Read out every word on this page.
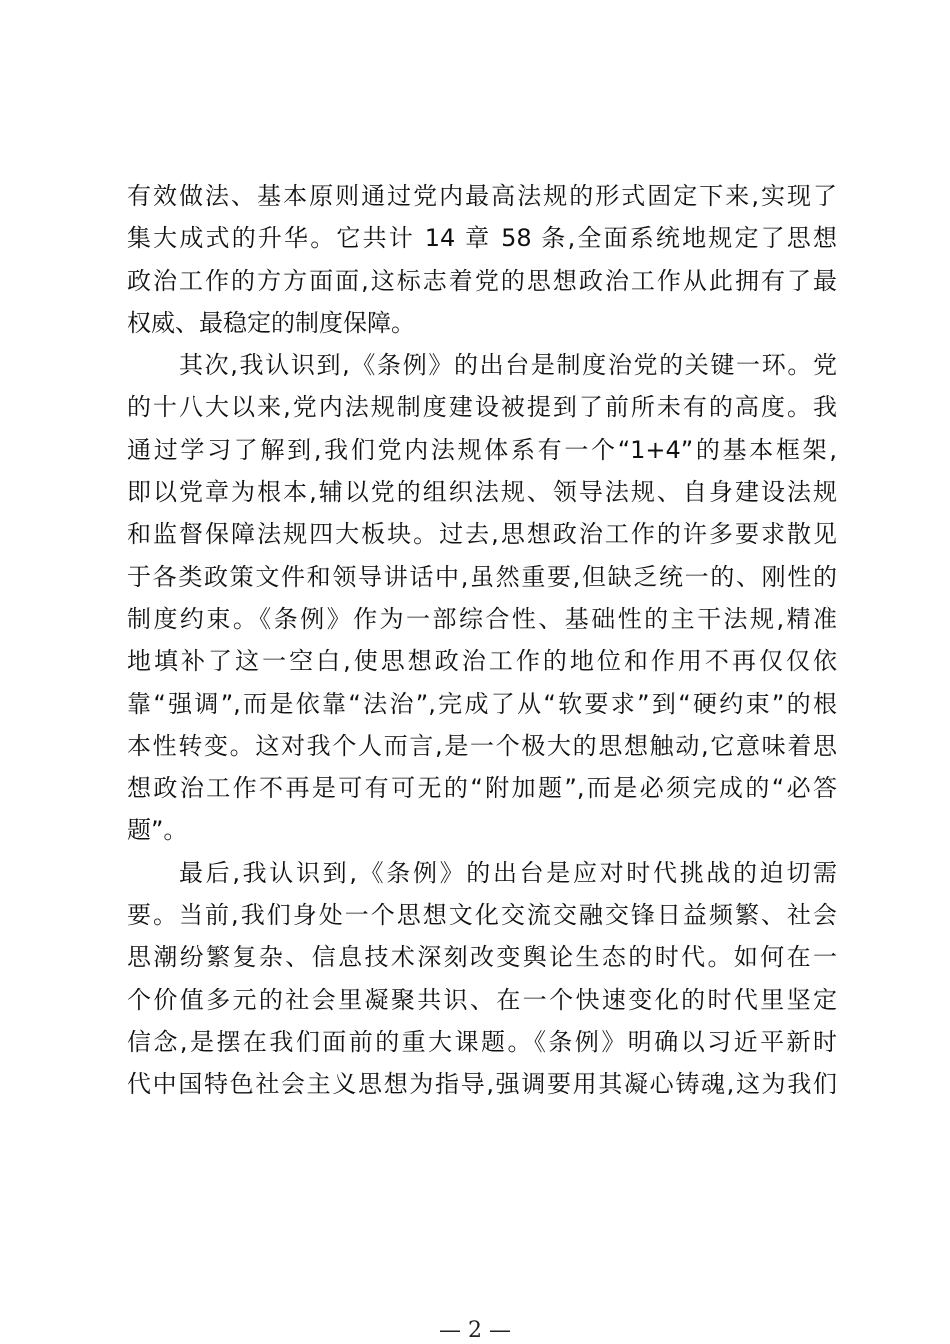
有效做法、基本原则通过党内最高法规的形式固定下来,实现了
集大成式的升华。它共计 14 章 58 条,全面系统地规定了思想
政治工作的方方面面,这标志着党的思想政治工作从此拥有了最
权威、最稳定的制度保障。
其次,我认识到,《条例》的出台是制度治党的关键一环。党
的十八大以来,党内法规制度建设被提到了前所未有的高度。我
通过学习了解到,我们党内法规体系有一个“1+4”的基本框架,
即以党章为根本,辅以党的组织法规、领导法规、自身建设法规
和监督保障法规四大板块。过去,思想政治工作的许多要求散见
于各类政策文件和领导讲话中,虽然重要,但缺乏统一的、刚性的
制度约束。《条例》作为一部综合性、基础性的主干法规,精准
地填补了这一空白,使思想政治工作的地位和作用不再仅仅依
靠“强调”,而是依靠“法治”,完成了从“软要求”到“硬约束”的根
本性转变。这对我个人而言,是一个极大的思想触动,它意味着思
想政治工作不再是可有可无的“附加题”,而是必须完成的“必答
题”。
最后,我认识到,《条例》的出台是应对时代挑战的迫切需
要。当前,我们身处一个思想文化交流交融交锋日益频繁、社会
思潮纷繁复杂、信息技术深刻改变舆论生态的时代。如何在一
个价值多元的社会里凝聚共识、在一个快速变化的时代里坚定
信念,是摆在我们面前的重大课题。《条例》明确以习近平新时
代中国特色社会主义思想为指导,强调要用其凝心铸魂,这为我们
— 2 —
